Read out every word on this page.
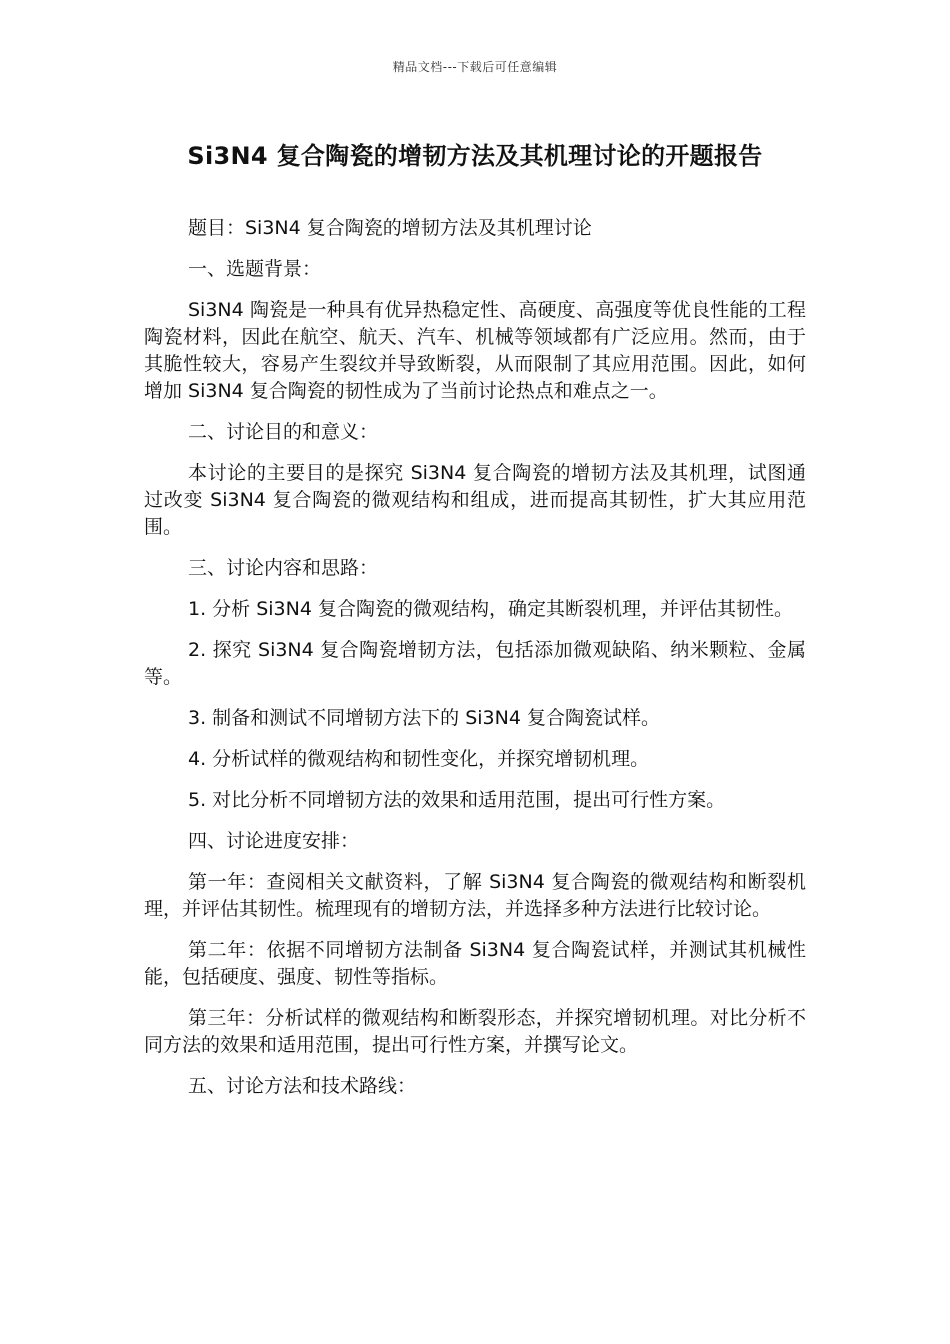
精品文档---下载后可任意编辑
Si3N4 复合陶瓷的增韧方法及其机理讨论的开题报告

题目：Si3N4 复合陶瓷的增韧方法及其机理讨论

一、选题背景：

Si3N4 陶瓷是一种具有优异热稳定性、高硬度、高强度等优良性能的工程陶瓷材料，因此在航空、航天、汽车、机械等领域都有广泛应用。然而，由于其脆性较大，容易产生裂纹并导致断裂，从而限制了其应用范围。因此，如何增加 Si3N4 复合陶瓷的韧性成为了当前讨论热点和难点之一。

二、讨论目的和意义：

本讨论的主要目的是探究 Si3N4 复合陶瓷的增韧方法及其机理，试图通过改变 Si3N4 复合陶瓷的微观结构和组成，进而提高其韧性，扩大其应用范围。

三、讨论内容和思路：

1. 分析 Si3N4 复合陶瓷的微观结构，确定其断裂机理，并评估其韧性。

2. 探究 Si3N4 复合陶瓷增韧方法，包括添加微观缺陷、纳米颗粒、金属等。

3. 制备和测试不同增韧方法下的 Si3N4 复合陶瓷试样。

4. 分析试样的微观结构和韧性变化，并探究增韧机理。

5. 对比分析不同增韧方法的效果和适用范围，提出可行性方案。

四、讨论进度安排：

第一年：查阅相关文献资料，了解 Si3N4 复合陶瓷的微观结构和断裂机理，并评估其韧性。梳理现有的增韧方法，并选择多种方法进行比较讨论。

第二年：依据不同增韧方法制备 Si3N4 复合陶瓷试样，并测试其机械性能，包括硬度、强度、韧性等指标。

第三年：分析试样的微观结构和断裂形态，并探究增韧机理。对比分析不同方法的效果和适用范围，提出可行性方案，并撰写论文。

五、讨论方法和技术路线：
